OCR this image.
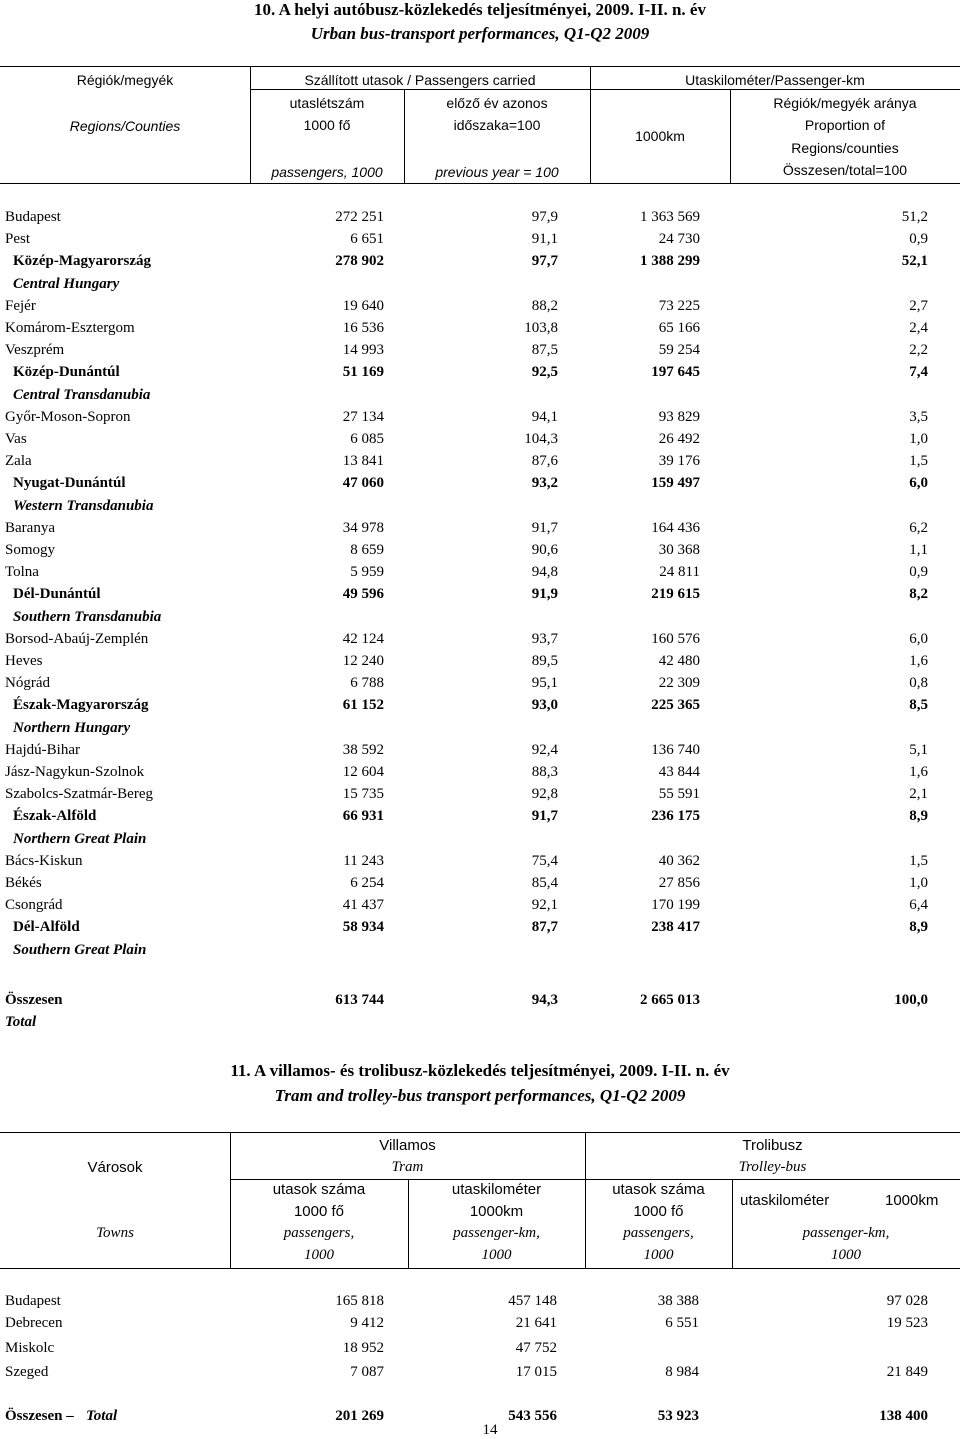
10. A helyi autóbusz-közlekedés teljesítményei, 2009. I-II. n. év
Urban bus-transport performances, Q1-Q2 2009
Régiók/megyék
Regions/Counties
Szállított utasok / Passengers carried	Utaskilométer/Passenger-km
utaslétszám
1000 fő
passengers, 1000
előző év azonos
időszaka=100
previous year = 100
1000km
Régiók/megyék aránya
Proportion of
Regions/counties
Összesen/total=100
Budapest	272 251	97,9	1 363 569	51,2
Pest	6 651	91,1	24 730	0,9
Közép-Magyarország	278 902	97,7	1 388 299	52,1
Central Hungary
Fejér	19 640	88,2	73 225	2,7
Komárom-Esztergom	16 536	103,8	65 166	2,4
Veszprém	14 993	87,5	59 254	2,2
Közép-Dunántúl	51 169	92,5	197 645	7,4
Central Transdanubia
Győr-Moson-Sopron	27 134	94,1	93 829	3,5
Vas	6 085	104,3	26 492	1,0
Zala	13 841	87,6	39 176	1,5
Nyugat-Dunántúl	47 060	93,2	159 497	6,0
Western Transdanubia
Baranya	34 978	91,7	164 436	6,2
Somogy	8 659	90,6	30 368	1,1
Tolna	5 959	94,8	24 811	0,9
Dél-Dunántúl	49 596	91,9	219 615	8,2
Southern Transdanubia
Borsod-Abaúj-Zemplén	42 124	93,7	160 576	6,0
Heves	12 240	89,5	42 480	1,6
Nógrád	6 788	95,1	22 309	0,8
Észak-Magyarország	61 152	93,0	225 365	8,5
Northern Hungary
Hajdú-Bihar	38 592	92,4	136 740	5,1
Jász-Nagykun-Szolnok	12 604	88,3	43 844	1,6
Szabolcs-Szatmár-Bereg	15 735	92,8	55 591	2,1
Észak-Alföld	66 931	91,7	236 175	8,9
Northern Great Plain
Bács-Kiskun	11 243	75,4	40 362	1,5
Békés	6 254	85,4	27 856	1,0
Csongrád	41 437	92,1	170 199	6,4
Dél-Alföld	58 934	87,7	238 417	8,9
Southern Great Plain
Összesen	613 744	94,3	2 665 013	100,0
Total
11. A villamos- és trolibusz-közlekedés teljesítményei, 2009. I-II. n. év
Tram and trolley-bus transport performances, Q1-Q2 2009
Városok
Towns
Villamos
Tram
Trolibusz
Trolley-bus
utasok száma
1000 fő
passengers,
1000
utaskilométer
1000km
passenger-km,
1000
utasok száma
1000 fő
passengers,
1000
utaskilométer	1000km
passenger-km,
1000
Budapest	165 818	457 148	38 388	97 028
Debrecen	9 412	21 641	6 551	19 523
Miskolc	18 952	47 752
Szeged	7 087	17 015	8 984	21 849
Összesen – Total	201 269	543 556	53 923	138 400
14
